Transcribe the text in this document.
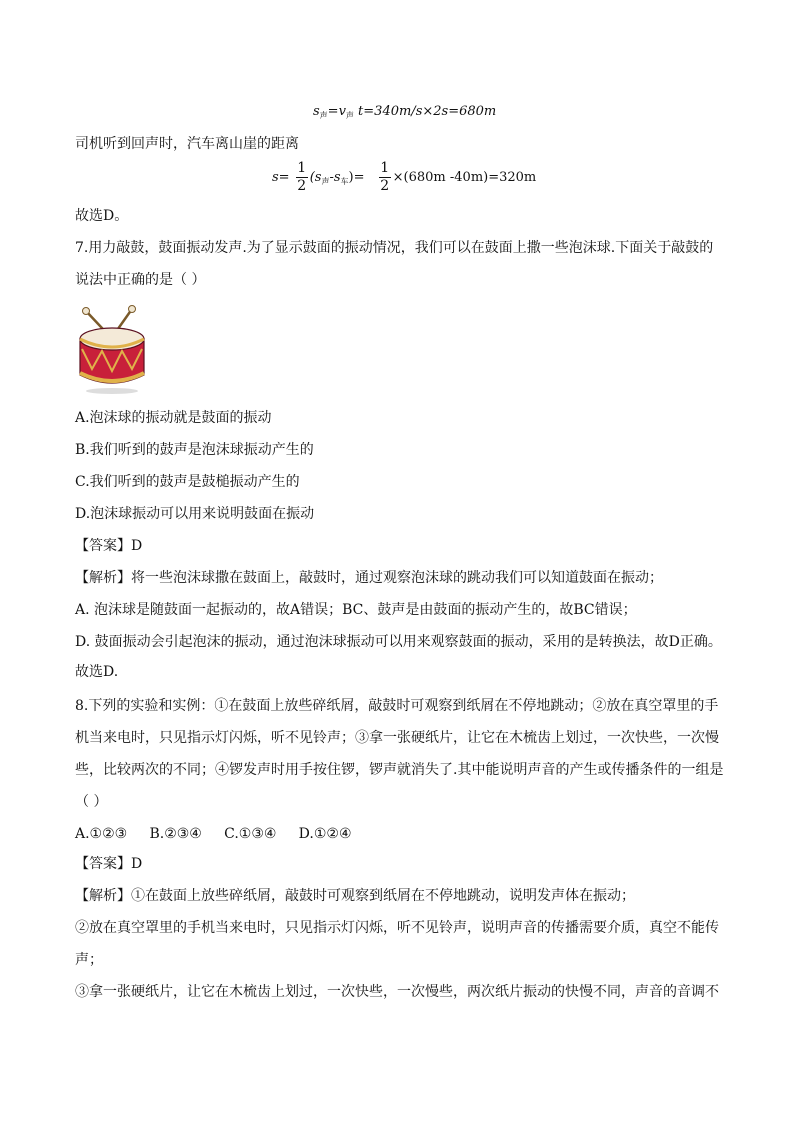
$s_声=v_声$ t=340m/s×2s=680m
司机听到回声时，汽车离山崖的距离
$s= \frac{1}{2} (s_声-s_车)= \frac{1}{2} \times(680m$ -40m)=320m
故选D。
7.用力敲鼓，鼓面振动发声.为了显示鼓面的振动情况，我们可以在鼓面上撒一些泡沫球.下面关于敲鼓的
说法中正确的是（ ）
A.泡沫球的振动就是鼓面的振动
B.我们听到的鼓声是泡沫球振动产生的
C.我们听到的鼓声是鼓槌振动产生的
D.泡沫球振动可以用来说明鼓面在振动
【答案】D
【解析】将一些泡沫球撒在鼓面上，敲鼓时，通过观察泡沫球的跳动我们可以知道鼓面在振动；
A. 泡沫球是随鼓面一起振动的，故A错误；BC、鼓声是由鼓面的振动产生的，故BC错误；
D. 鼓面振动会引起泡沫的振动，通过泡沫球振动可以用来观察鼓面的振动，采用的是转换法，故D正确。
故选D.
8.下列的实验和实例：①在鼓面上放些碎纸屑，敲鼓时可观察到纸屑在不停地跳动；②放在真空罩里的手
机当来电时，只见指示灯闪烁，听不见铃声；③拿一张硬纸片，让它在木梳齿上划过，一次快些，一次慢
些，比较两次的不同；④锣发声时用手按住锣，锣声就消失了.其中能说明声音的产生或传播条件的一组是
（ ）
A.①②③     B.②③④     C.①③④     D.①②④
【答案】D
【解析】①在鼓面上放些碎纸屑，敲鼓时可观察到纸屑在不停地跳动，说明发声体在振动；
②放在真空罩里的手机当来电时，只见指示灯闪烁，听不见铃声，说明声音的传播需要介质，真空不能传
声；
③拿一张硬纸片，让它在木梳齿上划过，一次快些，一次慢些，两次纸片振动的快慢不同，声音的音调不
